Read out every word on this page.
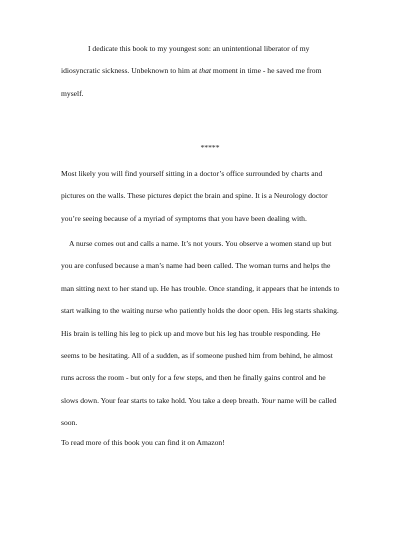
I dedicate this book to my youngest son: an unintentional liberator of my
idiosyncratic sickness. Unbeknown to him at that moment in time - he saved me from
myself.
*****
Most likely you will find yourself sitting in a doctor’s office surrounded by charts and
pictures on the walls. These pictures depict the brain and spine. It is a Neurology doctor
you’re seeing because of a myriad of symptoms that you have been dealing with.
A nurse comes out and calls a name. It’s not yours. You observe a women stand up but
you are confused because a man’s name had been called. The woman turns and helps the
man sitting next to her stand up. He has trouble. Once standing, it appears that he intends to
start walking to the waiting nurse who patiently holds the door open. His leg starts shaking.
His brain is telling his leg to pick up and move but his leg has trouble responding. He
seems to be hesitating. All of a sudden, as if someone pushed him from behind, he almost
runs across the room - but only for a few steps, and then he finally gains control and he
slows down. Your fear starts to take hold. You take a deep breath. Your name will be called
soon.
To read more of this book you can find it on Amazon!
